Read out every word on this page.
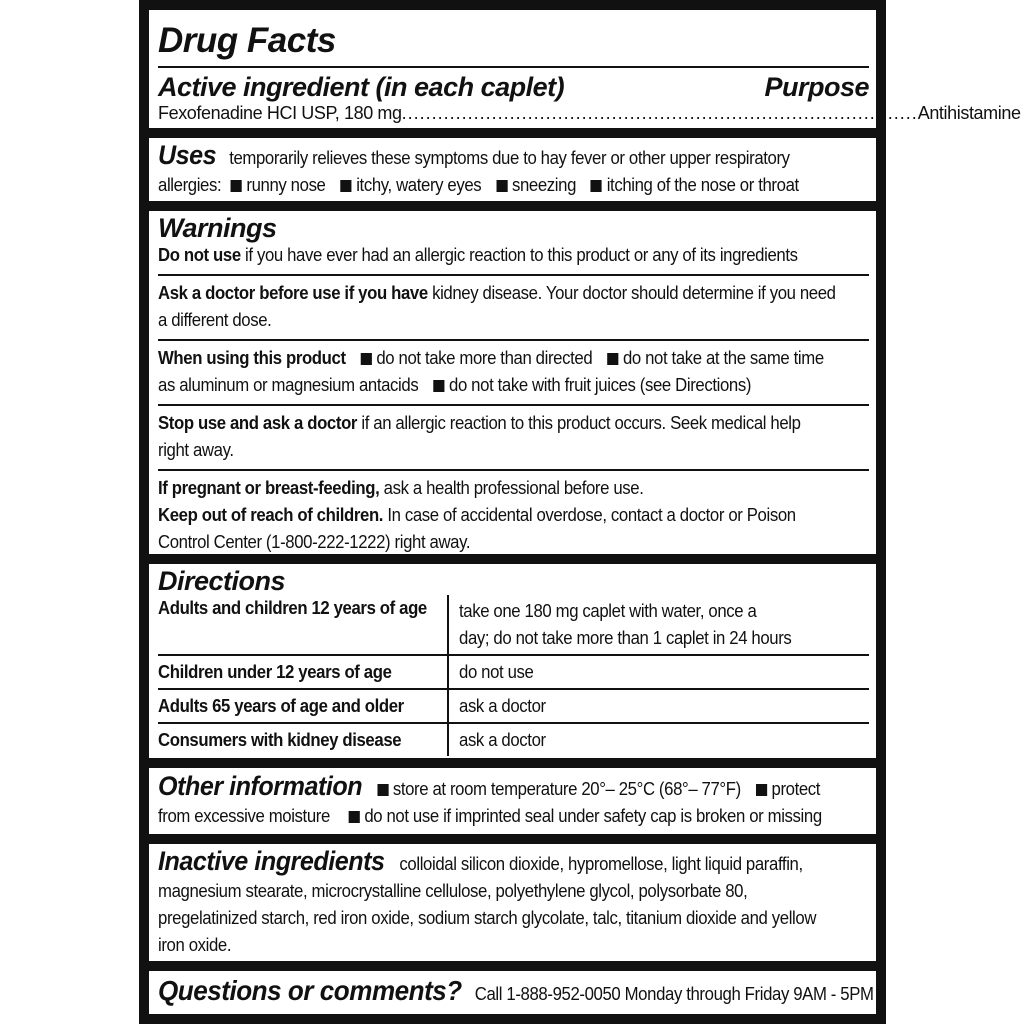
Drug Facts
Active ingredient (in each caplet)	Purpose
Fexofenadine HCI USP, 180 mg ...................................................................................... Antihistamine
Uses temporarily relieves these symptoms due to hay fever or other upper respiratory
allergies: runny nose itchy, watery eyes sneezing itching of the nose or throat
Warnings
Do not use if you have ever had an allergic reaction to this product or any of its ingredients
Ask a doctor before use if you have kidney disease. Your doctor should determine if you need
a different dose.
When using this product do not take more than directed do not take at the same time
as aluminum or magnesium antacids do not take with fruit juices (see Directions)
Stop use and ask a doctor if an allergic reaction to this product occurs. Seek medical help
right away.
If pregnant or breast-feeding, ask a health professional before use.
Keep out of reach of children. In case of accidental overdose, contact a doctor or Poison
Control Center (1-800-222-1222) right away.
Directions
Adults and children 12 years of age	take one 180 mg caplet with water, once a
day; do not take more than 1 caplet in 24 hours

Children under 12 years of age	do not use

Adults 65 years of age and older	ask a doctor

Consumers with kidney disease	ask a doctor
Other information store at room temperature 20°– 25°C (68°– 77°F) protect
from excessive moisture do not use if imprinted seal under safety cap is broken or missing
Inactive ingredients colloidal silicon dioxide, hypromellose, light liquid paraffin,
magnesium stearate, microcrystalline cellulose, polyethylene glycol, polysorbate 80,
pregelatinized starch, red iron oxide, sodium starch glycolate, talc, titanium dioxide and yellow
iron oxide.
Questions or comments? Call 1-888-952-0050 Monday through Friday 9AM - 5PM
